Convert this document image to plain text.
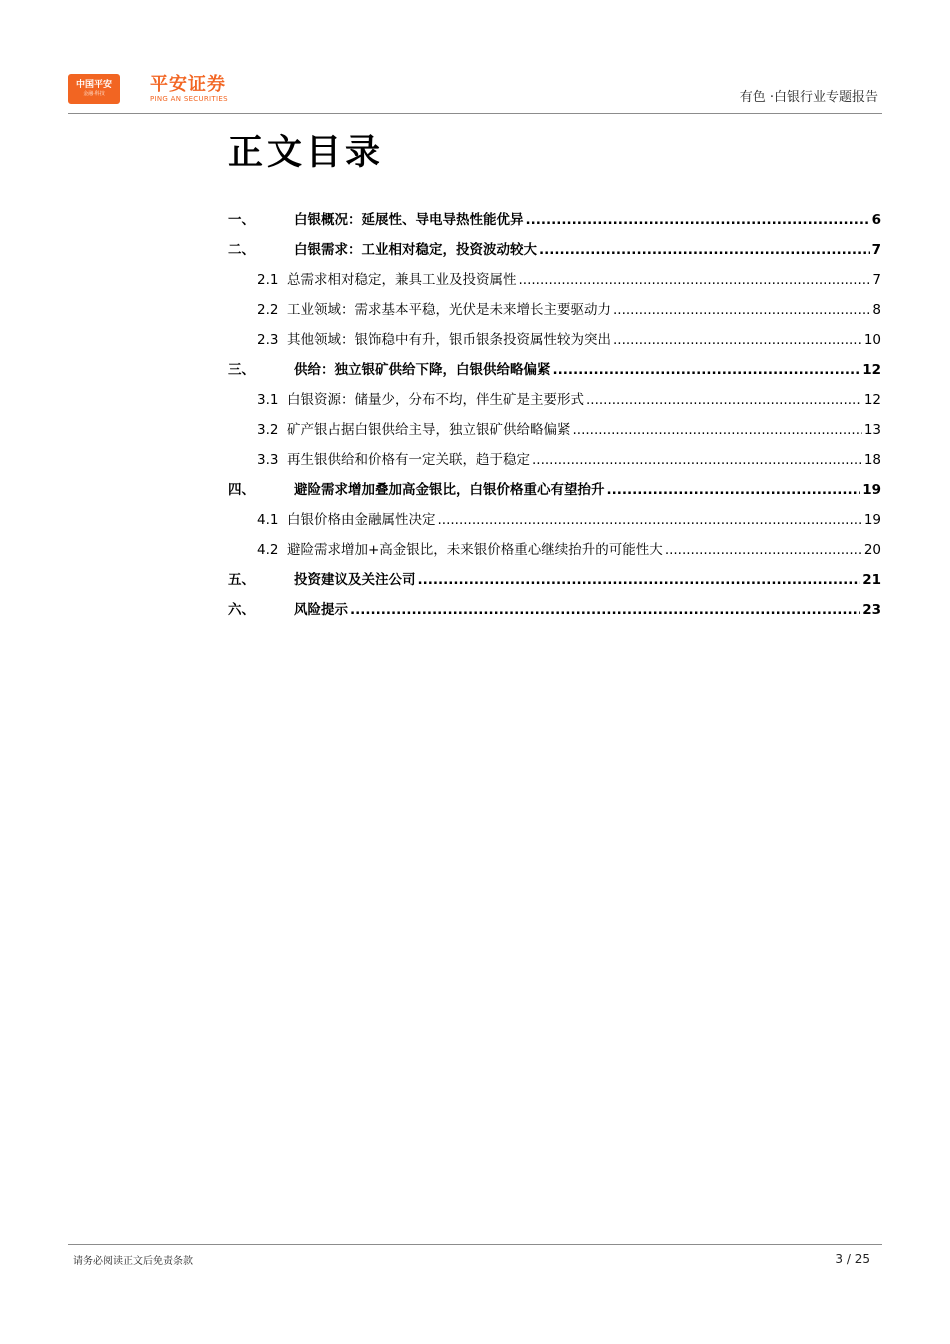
中国平安
金融·科技	平安证券
PING AN SECURITIES	有色 ·白银行业专题报告
正文目录
一、	白银概况：延展性、导电导热性能优异 .....	6
二、	白银需求：工业相对稳定，投资波动较大 .....	7
2.1 总需求相对稳定，兼具工业及投资属性 .....	7
2.2 工业领域：需求基本平稳，光伏是未来增长主要驱动力 .....	8
2.3 其他领域：银饰稳中有升，银币银条投资属性较为突出 .....	10
三、	供给：独立银矿供给下降，白银供给略偏紧 .....	12
3.1 白银资源：储量少，分布不均，伴生矿是主要形式 .....	12
3.2 矿产银占据白银供给主导，独立银矿供给略偏紧 .....	13
3.3 再生银供给和价格有一定关联，趋于稳定 .....	18
四、	避险需求增加叠加高金银比，白银价格重心有望抬升 .....	19
4.1 白银价格由金融属性决定 .....	19
4.2 避险需求增加+高金银比，未来银价格重心继续抬升的可能性大 .....	20
五、	投资建议及关注公司 .....	21
六、	风险提示 .....	23
请务必阅读正文后免责条款	3 / 25
